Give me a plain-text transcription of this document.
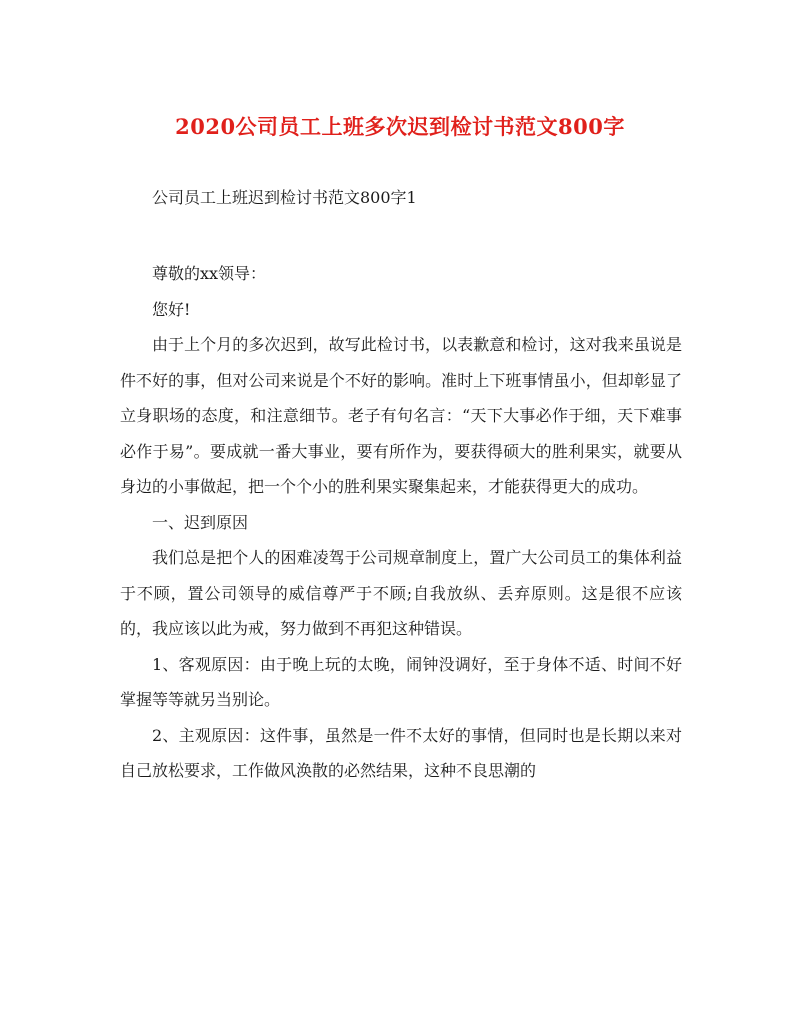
2020公司员工上班多次迟到检讨书范文800字
公司员工上班迟到检讨书范文800字1

尊敬的xx领导：

您好!

由于上个月的多次迟到，故写此检讨书，以表歉意和检讨，这对我来虽说是件不好的事，但对公司来说是个不好的影响。准时上下班事情虽小，但却彰显了立身职场的态度，和注意细节。老子有句名言：“天下大事必作于细，天下难事必作于易”。要成就一番大事业，要有所作为，要获得硕大的胜利果实，就要从身边的小事做起，把一个个小的胜利果实聚集起来，才能获得更大的成功。

一、迟到原因

我们总是把个人的困难凌驾于公司规章制度上，置广大公司员工的集体利益于不顾，置公司领导的威信尊严于不顾;自我放纵、丢弃原则。这是很不应该的，我应该以此为戒，努力做到不再犯这种错误。

1、客观原因：由于晚上玩的太晚，闹钟没调好，至于身体不适、时间不好掌握等等就另当别论。

2、主观原因：这件事，虽然是一件不太好的事情，但同时也是长期以来对自己放松要求，工作做风涣散的必然结果，这种不良思潮的
